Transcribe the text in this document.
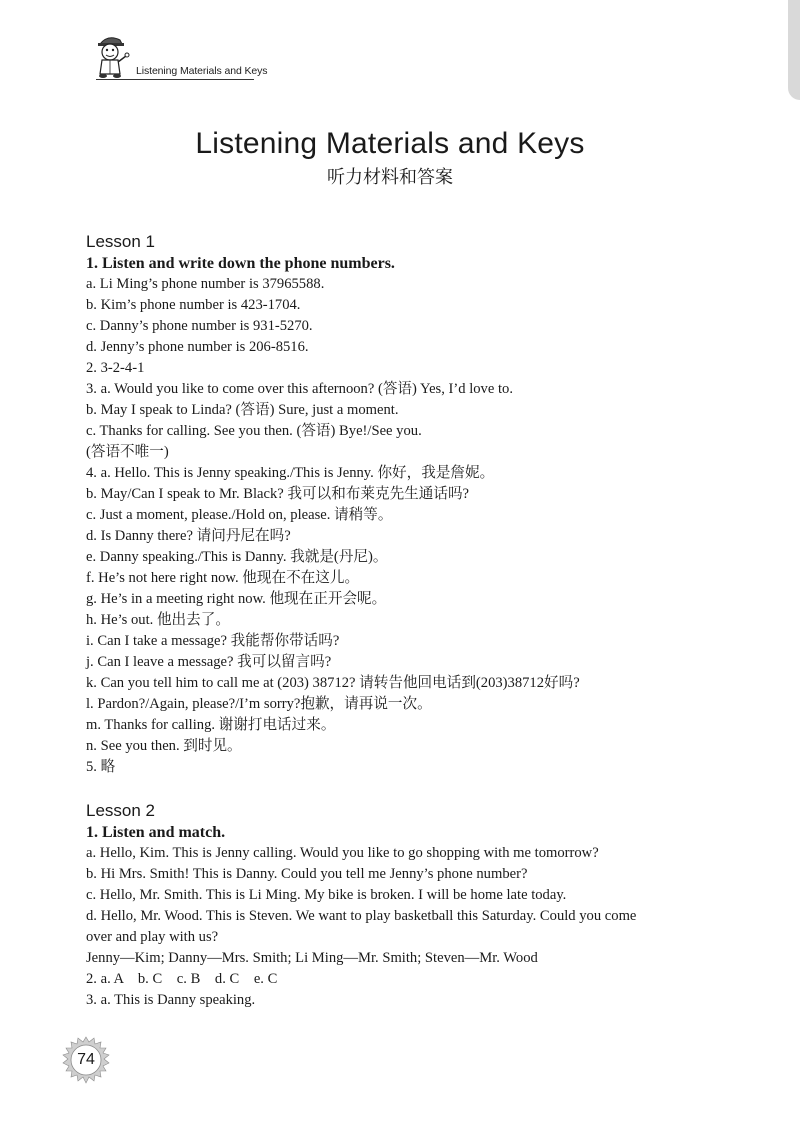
Listening Materials and Keys
Listening Materials and Keys
听力材料和答案
Lesson 1
1. Listen and write down the phone numbers.
a. Li Ming’s phone number is 37965588.
b. Kim’s phone number is 423-1704.
c. Danny’s phone number is 931-5270.
d. Jenny’s phone number is 206-8516.
2. 3-2-4-1
3. a. Would you like to come over this afternoon? (答语) Yes, I’d love to.
b. May I speak to Linda? (答语) Sure, just a moment.
c. Thanks for calling. See you then. (答语) Bye!/See you.
(答语不唯一)
4. a. Hello. This is Jenny speaking./This is Jenny. 你好，我是詹妮。
b. May/Can I speak to Mr. Black? 我可以和布莱克先生通话吗?
c. Just a moment, please./Hold on, please. 请稍等。
d. Is Danny there? 请问丹尼在吗?
e. Danny speaking./This is Danny. 我就是(丹尼)。
f. He’s not here right now. 他现在不在这儿。
g. He’s in a meeting right now. 他现在正开会呢。
h. He’s out. 他出去了。
i. Can I take a message? 我能帮你带话吗?
j. Can I leave a message? 我可以留言吗?
k. Can you tell him to call me at (203) 38712? 请转告他回电话到(203)38712好吗?
l. Pardon?/Again, please?/I’m sorry?抱歉，请再说一次。
m. Thanks for calling. 谢谢打电话过来。
n. See you then. 到时见。
5. 略
Lesson 2
1. Listen and match.
a. Hello, Kim. This is Jenny calling. Would you like to go shopping with me tomorrow?
b. Hi Mrs. Smith! This is Danny. Could you tell me Jenny’s phone number?
c. Hello, Mr. Smith. This is Li Ming. My bike is broken. I will be home late today.
d. Hello, Mr. Wood. This is Steven. We want to play basketball this Saturday. Could you come
over and play with us?
Jenny—Kim; Danny—Mrs. Smith; Li Ming—Mr. Smith; Steven—Mr. Wood
2. a. A    b. C    c. B    d. C    e. C
3. a. This is Danny speaking.
74
